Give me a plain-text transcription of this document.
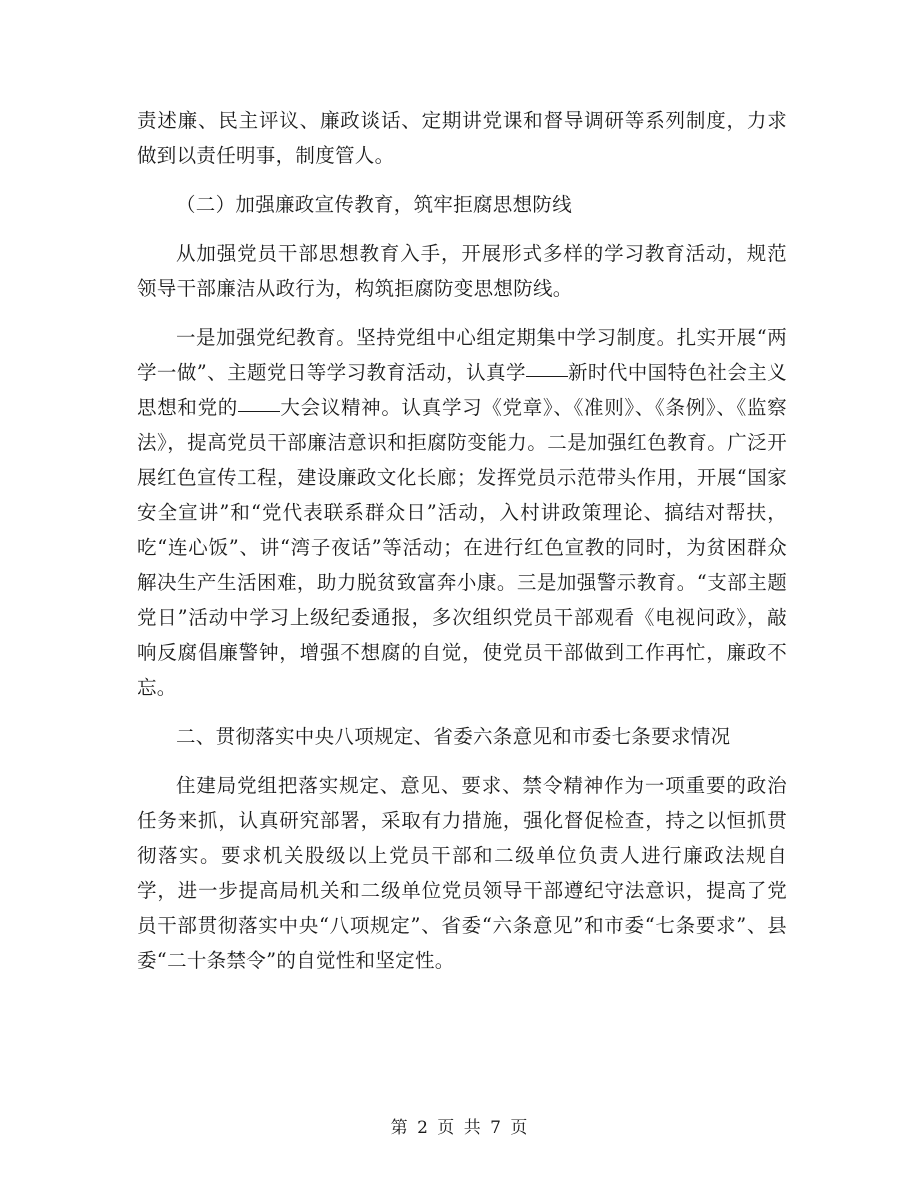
责述廉、民主评议、廉政谈话、定期讲党课和督导调研等系列制度，力求做到以责任明事，制度管人。

（二）加强廉政宣传教育，筑牢拒腐思想防线

从加强党员干部思想教育入手，开展形式多样的学习教育活动，规范领导干部廉洁从政行为，构筑拒腐防变思想防线。

一是加强党纪教育。坚持党组中心组定期集中学习制度。扎实开展“两学一做”、主题党日等学习教育活动，认真学 新时代中国特色社会主义思想和党的 大会议精神。认真学习《党章》、《准则》、《条例》、《监察法》，提高党员干部廉洁意识和拒腐防变能力。二是加强红色教育。广泛开展红色宣传工程，建设廉政文化长廊；发挥党员示范带头作用，开展“国家安全宣讲”和“党代表联系群众日”活动，入村讲政策理论、搞结对帮扶，吃“连心饭”、讲“湾子夜话”等活动；在进行红色宣教的同时，为贫困群众解决生产生活困难，助力脱贫致富奔小康。三是加强警示教育。“支部主题党日”活动中学习上级纪委通报，多次组织党员干部观看《电视问政》，敲响反腐倡廉警钟，增强不想腐的自觉，使党员干部做到工作再忙，廉政不忘。

二、贯彻落实中央八项规定、省委六条意见和市委七条要求情况

住建局党组把落实规定、意见、要求、禁令精神作为一项重要的政治任务来抓，认真研究部署，采取有力措施，强化督促检查，持之以恒抓贯彻落实。要求机关股级以上党员干部和二级单位负责人进行廉政法规自学，进一步提高局机关和二级单位党员领导干部遵纪守法意识，提高了党员干部贯彻落实中央“八项规定”、省委“六条意见”和市委“七条要求”、县委“二十条禁令”的自觉性和坚定性。

第 2 页 共 7 页
